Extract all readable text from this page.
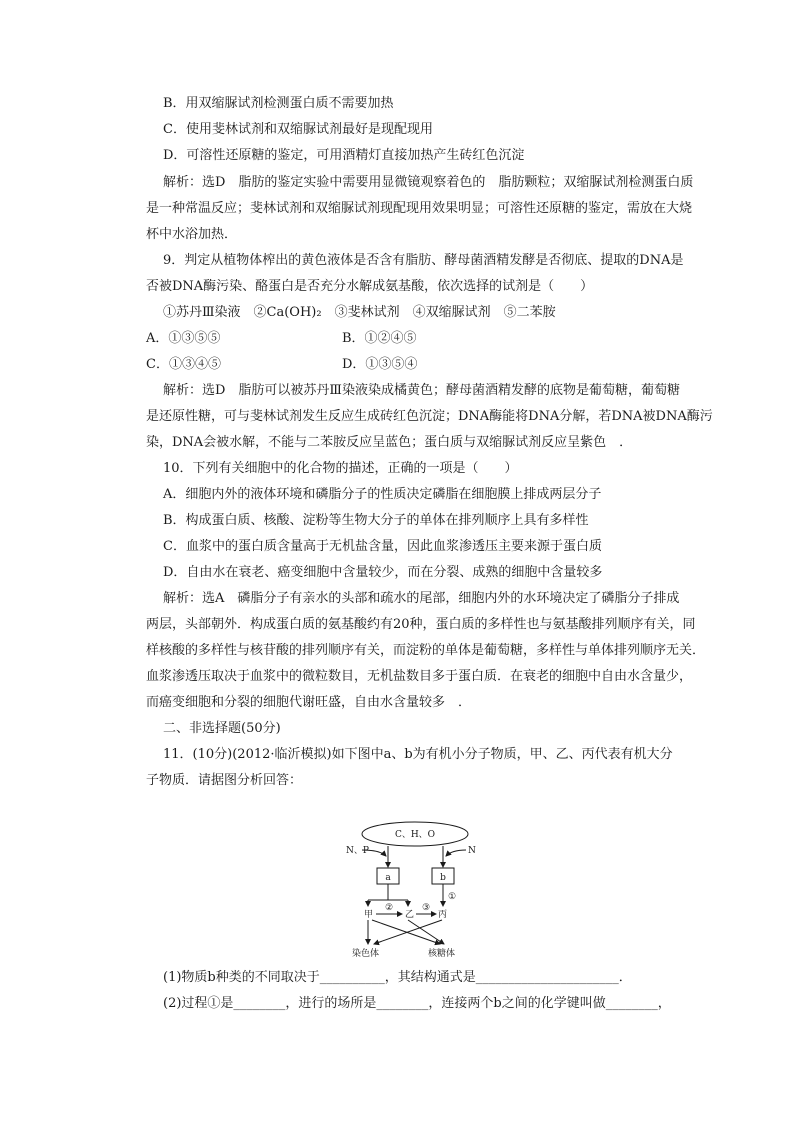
B．用双缩脲试剂检测蛋白质不需要加热
C．使用斐林试剂和双缩脲试剂最好是现配现用
D．可溶性还原糖的鉴定，可用酒精灯直接加热产生砖红色沉淀
解析：选D　脂肪的鉴定实验中需要用显微镜观察着色的　脂肪颗粒；双缩脲试剂检测蛋白质
是一种常温反应；斐林试剂和双缩脲试剂现配现用效果明显；可溶性还原糖的鉴定，需放在大烧
杯中水浴加热．
9．判定从植物体榨出的黄色液体是否含有脂肪、酵母菌酒精发酵是否彻底、提取的DNA是
否被DNA酶污染、酪蛋白是否充分水解成氨基酸，依次选择的试剂是（　　）
①苏丹Ⅲ染液　②Ca(OH)₂　③斐林试剂　④双缩脲试剂　⑤二苯胺
A．①③⑤⑤	B．①②④⑤
C．①③④⑤	D．①③⑤④
解析：选D　脂肪可以被苏丹Ⅲ染液染成橘黄色；酵母菌酒精发酵的底物是葡萄糖，葡萄糖
是还原性糖，可与斐林试剂发生反应生成砖红色沉淀；DNA酶能将DNA分解，若DNA被DNA酶污
染，DNA会被水解，不能与二苯胺反应呈蓝色；蛋白质与双缩脲试剂反应呈紫色　．
10．下列有关细胞中的化合物的描述，正确的一项是（　　）
A．细胞内外的液体环境和磷脂分子的性质决定磷脂在细胞膜上排成两层分子
B．构成蛋白质、核酸、淀粉等生物大分子的单体在排列顺序上具有多样性
C．血浆中的蛋白质含量高于无机盐含量，因此血浆渗透压主要来源于蛋白质
D．自由水在衰老、癌变细胞中含量较少，而在分裂、成熟的细胞中含量较多
解析：选A　磷脂分子有亲水的头部和疏水的尾部，细胞内外的水环境决定了磷脂分子排成
两层，头部朝外．构成蛋白质的氨基酸约有20种，蛋白质的多样性也与氨基酸排列顺序有关，同
样核酸的多样性与核苷酸的排列顺序有关，而淀粉的单体是葡萄糖，多样性与单体排列顺序无关．
血浆渗透压取决于血浆中的微粒数目，无机盐数目多于蛋白质．在衰老的细胞中自由水含量少，
而癌变细胞和分裂的细胞代谢旺盛，自由水含量较多　．
二、非选择题(50分)
11．(10分)(2012·临沂模拟)如下图中a、b为有机小分子物质，甲、乙、丙代表有机大分
子物质．请据图分析回答：
C、H、O
N、P	N
a	b
①
甲
②
乙
③
丙
染色体	核糖体
(1)物质b种类的不同取决于__________，其结构通式是______________________．
(2)过程①是________，进行的场所是________，连接两个b之间的化学键叫做________，
